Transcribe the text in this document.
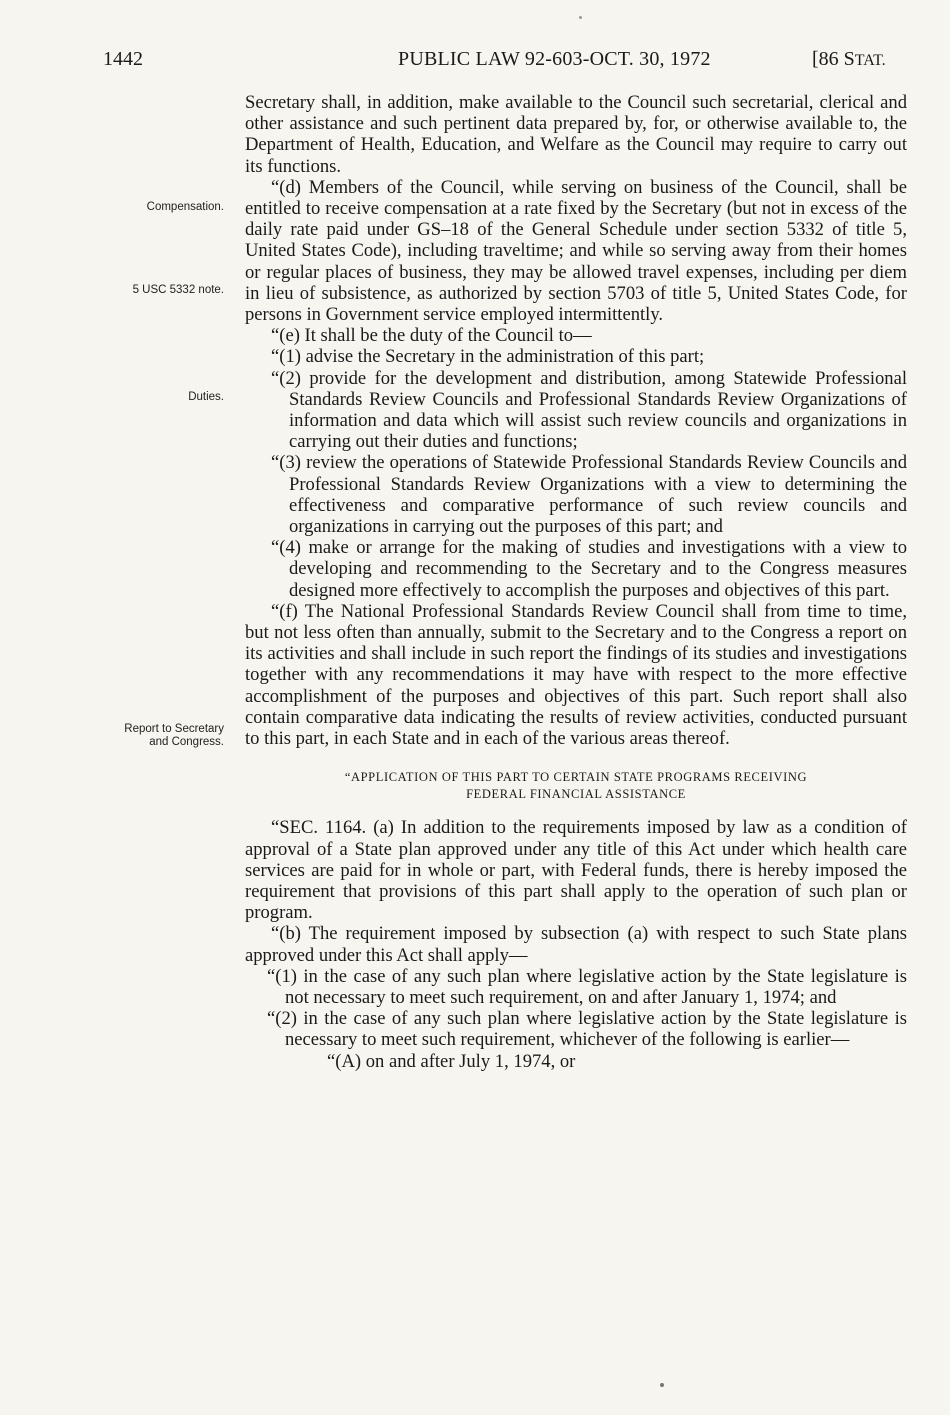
1442	PUBLIC LAW 92-603-OCT. 30, 1972	[86 STAT.
Compensation.
5 USC 5332 note.
Duties.
Report to Secretary and Congress.

Secretary shall, in addition, make available to the Council such secretarial, clerical and other assistance and such pertinent data prepared by, for, or otherwise available to, the Department of Health, Education, and Welfare as the Council may require to carry out its functions.

“(d) Members of the Council, while serving on business of the Council, shall be entitled to receive compensation at a rate fixed by the Secretary (but not in excess of the daily rate paid under GS–18 of the General Schedule under section 5332 of title 5, United States Code), including traveltime; and while so serving away from their homes or regular places of business, they may be allowed travel expenses, including per diem in lieu of subsistence, as authorized by section 5703 of title 5, United States Code, for persons in Government service employed intermittently.

“(e) It shall be the duty of the Council to—

“(1) advise the Secretary in the administration of this part;

“(2) provide for the development and distribution, among Statewide Professional Standards Review Councils and Professional Standards Review Organizations of information and data which will assist such review councils and organizations in carrying out their duties and functions;

“(3) review the operations of Statewide Professional Standards Review Councils and Professional Standards Review Organizations with a view to determining the effectiveness and comparative performance of such review councils and organizations in carrying out the purposes of this part; and

“(4) make or arrange for the making of studies and investigations with a view to developing and recommending to the Secretary and to the Congress measures designed more effectively to accomplish the purposes and objectives of this part.

“(f) The National Professional Standards Review Council shall from time to time, but not less often than annually, submit to the Secretary and to the Congress a report on its activities and shall include in such report the findings of its studies and investigations together with any recommendations it may have with respect to the more effective accomplishment of the purposes and objectives of this part. Such report shall also contain comparative data indicating the results of review activities, conducted pursuant to this part, in each State and in each of the various areas thereof.

“APPLICATION OF THIS PART TO CERTAIN STATE PROGRAMS RECEIVING
FEDERAL FINANCIAL ASSISTANCE

“SEC. 1164. (a) In addition to the requirements imposed by law as a condition of approval of a State plan approved under any title of this Act under which health care services are paid for in whole or part, with Federal funds, there is hereby imposed the requirement that provisions of this part shall apply to the operation of such plan or program.

“(b) The requirement imposed by subsection (a) with respect to such State plans approved under this Act shall apply—

“(1) in the case of any such plan where legislative action by the State legislature is not necessary to meet such requirement, on and after January 1, 1974; and

“(2) in the case of any such plan where legislative action by the State legislature is necessary to meet such requirement, whichever of the following is earlier—

“(A) on and after July 1, 1974, or
